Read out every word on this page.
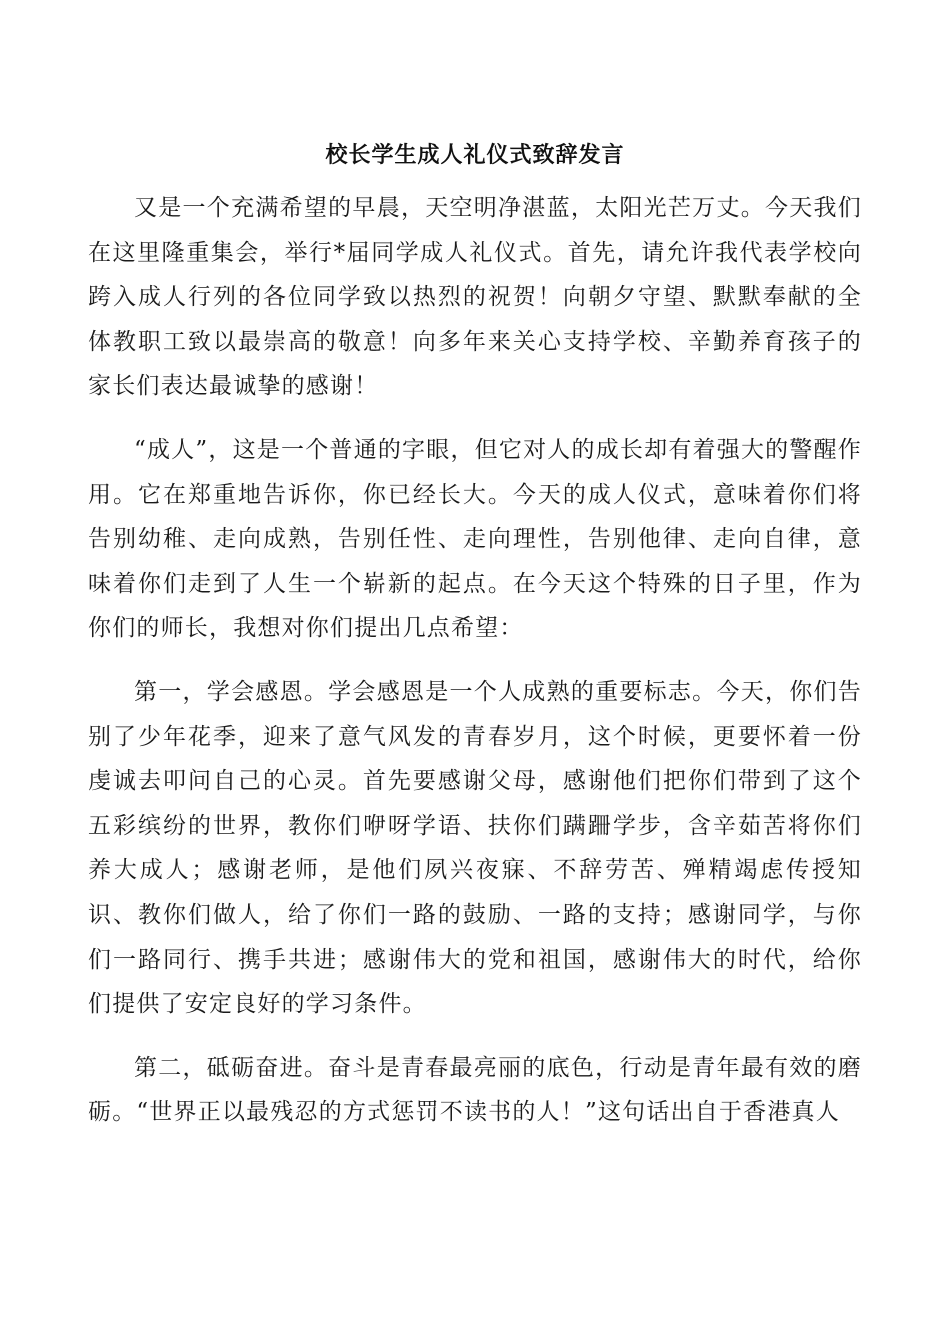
校长学生成人礼仪式致辞发言

又是一个充满希望的早晨，天空明净湛蓝，太阳光芒万丈。今天我们在这里隆重集会，举行*届同学成人礼仪式。首先，请允许我代表学校向跨入成人行列的各位同学致以热烈的祝贺！向朝夕守望、默默奉献的全体教职工致以最崇高的敬意！向多年来关心支持学校、辛勤养育孩子的家长们表达最诚挚的感谢！

“成人”，这是一个普通的字眼，但它对人的成长却有着强大的警醒作用。它在郑重地告诉你，你已经长大。今天的成人仪式，意味着你们将告别幼稚、走向成熟，告别任性、走向理性，告别他律、走向自律，意味着你们走到了人生一个崭新的起点。在今天这个特殊的日子里，作为你们的师长，我想对你们提出几点希望：

第一，学会感恩。学会感恩是一个人成熟的重要标志。今天，你们告别了少年花季，迎来了意气风发的青春岁月，这个时候，更要怀着一份虔诚去叩问自己的心灵。首先要感谢父母，感谢他们把你们带到了这个五彩缤纷的世界，教你们咿呀学语、扶你们蹒跚学步，含辛茹苦将你们养大成人；感谢老师，是他们夙兴夜寐、不辞劳苦、殚精竭虑传授知识、教你们做人，给了你们一路的鼓励、一路的支持；感谢同学，与你们一路同行、携手共进；感谢伟大的党和祖国，感谢伟大的时代，给你们提供了安定良好的学习条件。

第二，砥砺奋进。奋斗是青春最亮丽的底色，行动是青年最有效的磨砺。“世界正以最残忍的方式惩罚不读书的人！”这句话出自于香港真人
